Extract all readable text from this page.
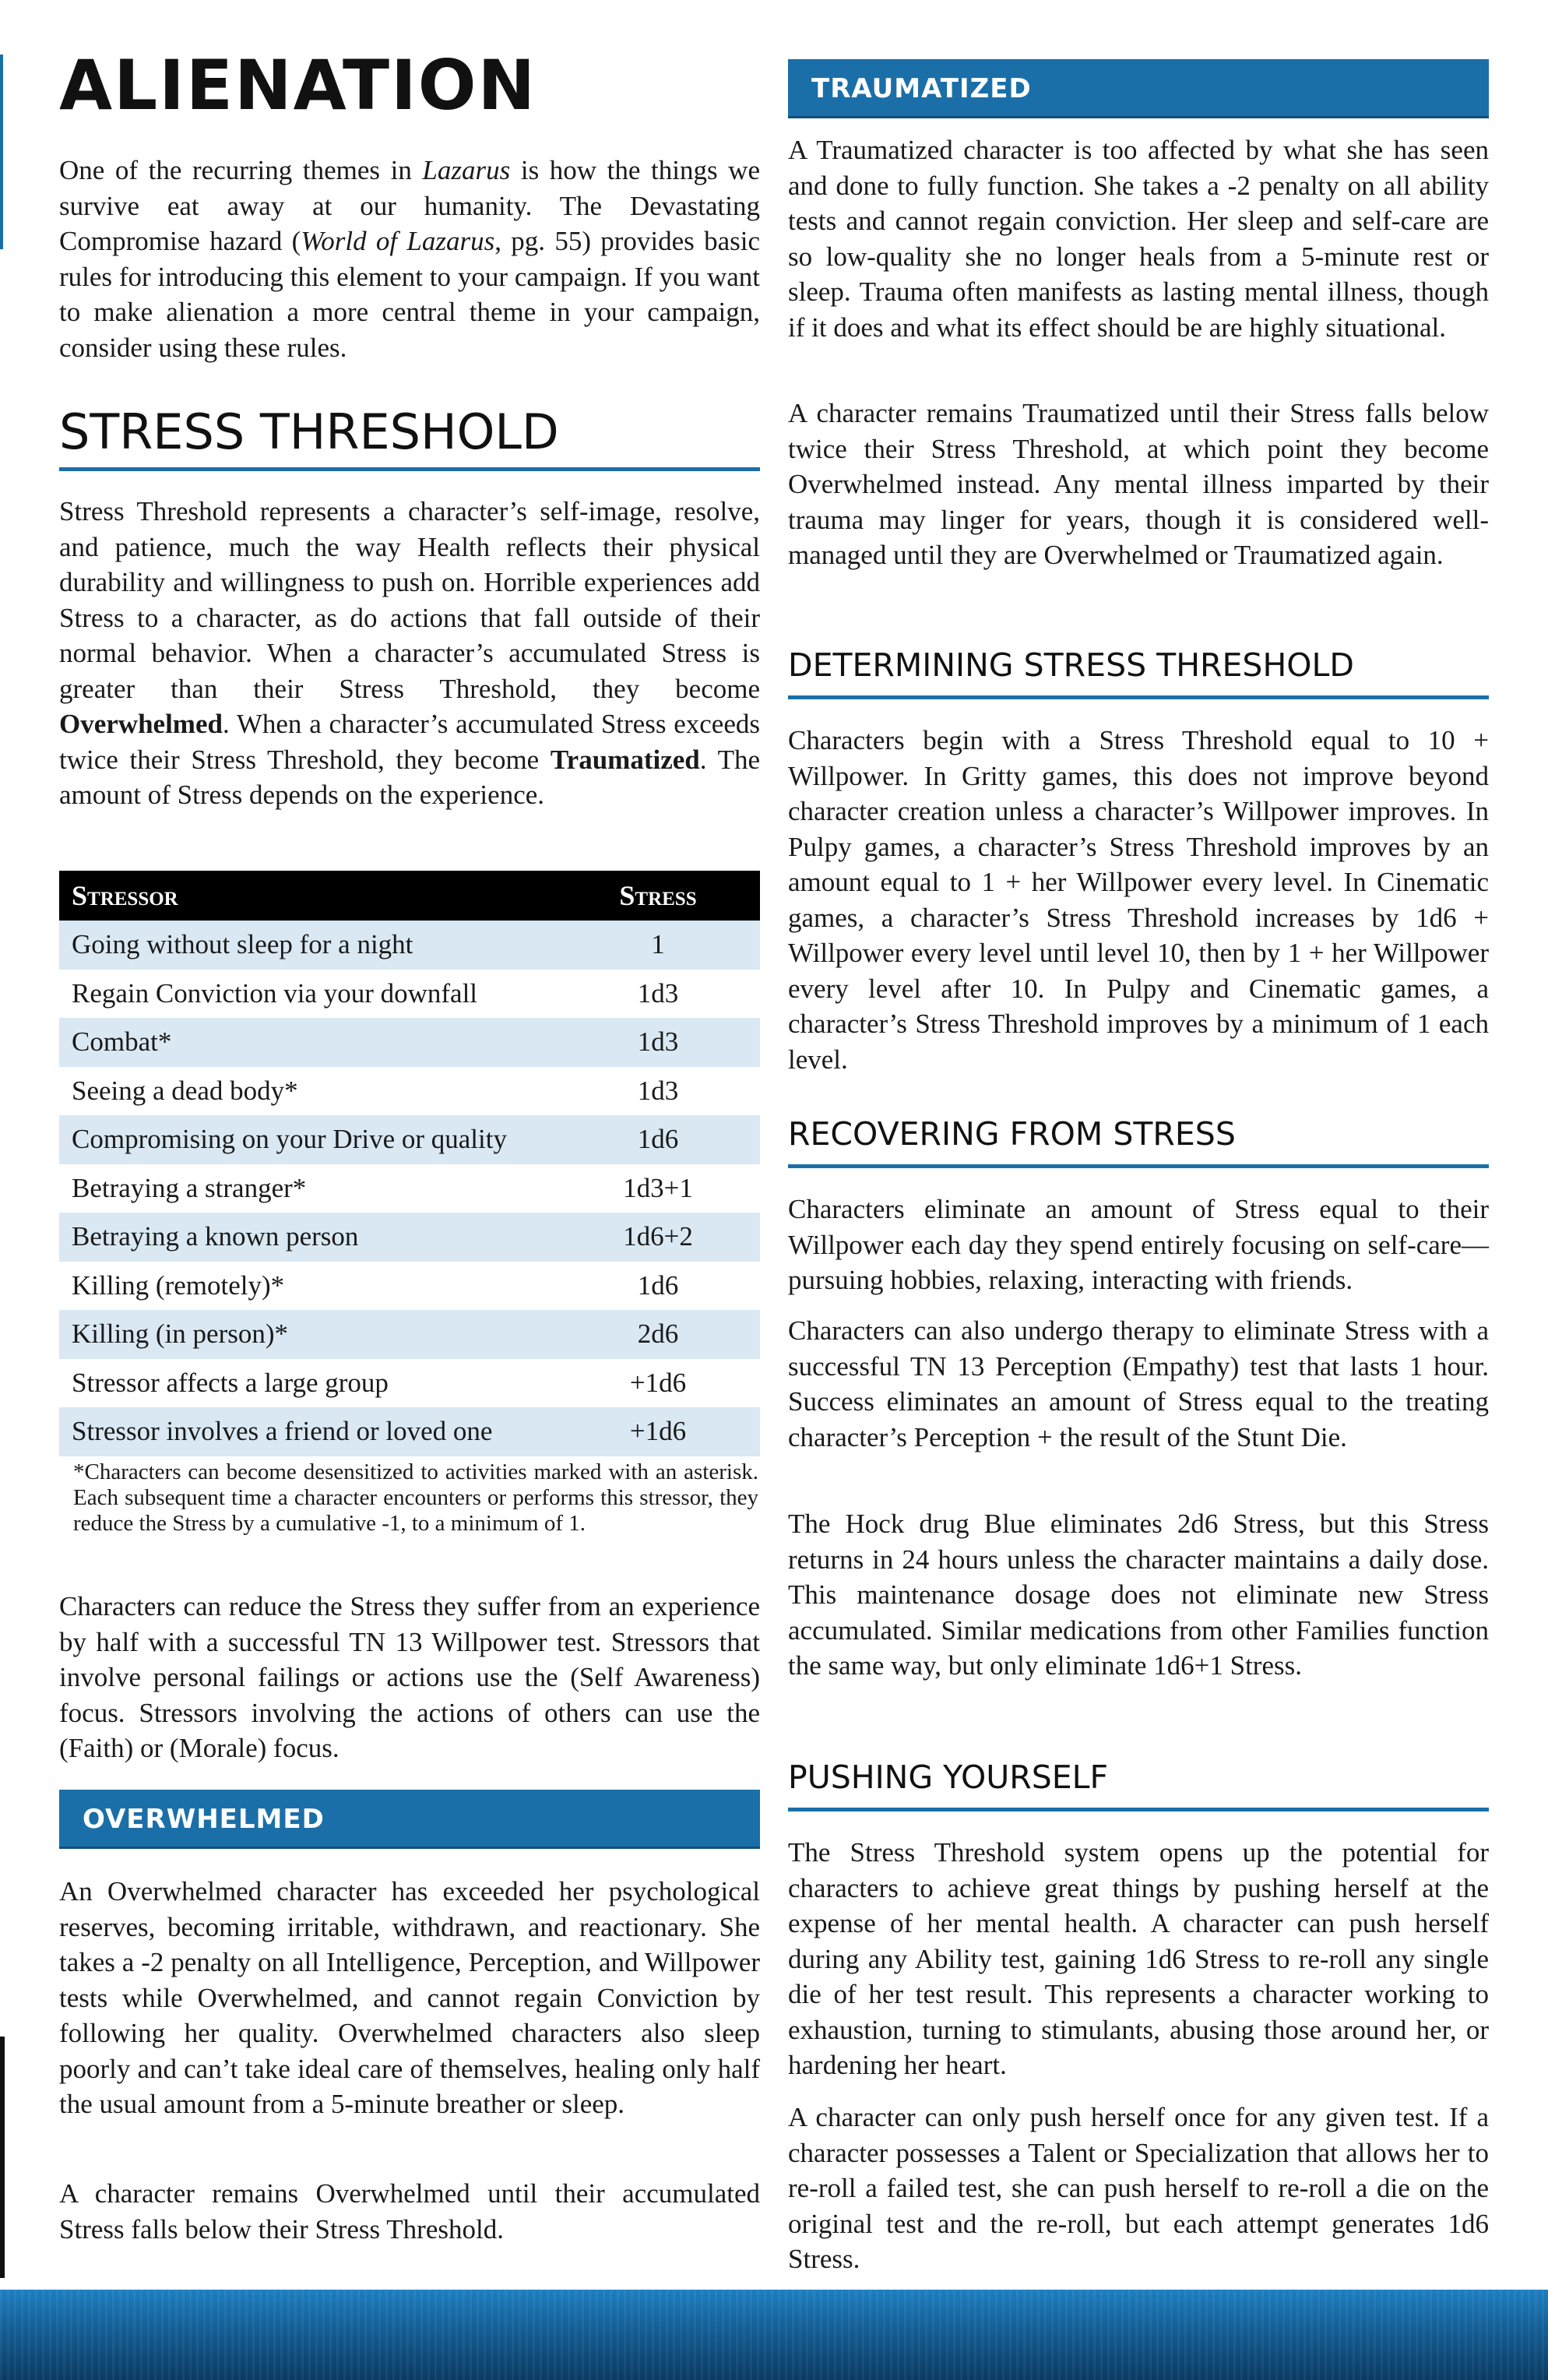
ALIENATION

One of the recurring themes in Lazarus is how the things we survive eat away at our humanity. The Devastating Compromise hazard (World of Lazarus, pg. 55) provides basic rules for introducing this element to your campaign. If you want to make alienation a more central theme in your campaign, consider using these rules.

STRESS THRESHOLD

Stress Threshold represents a character’s self-image, resolve, and patience, much the way Health reflects their physical durability and willingness to push on. Horrible experiences add Stress to a character, as do actions that fall outside of their normal behavior. When a character’s accumulated Stress is greater than their Stress Threshold, they become Overwhelmed. When a character’s accumulated Stress exceeds twice their Stress Threshold, they become Traumatized. The amount of Stress depends on the experience.

Stressor	Stress
Going without sleep for a night	1
Regain Conviction via your downfall	1d3
Combat*	1d3
Seeing a dead body*	1d3
Compromising on your Drive or quality	1d6
Betraying a stranger*	1d3+1
Betraying a known person	1d6+2
Killing (remotely)*	1d6
Killing (in person)*	2d6
Stressor affects a large group	+1d6
Stressor involves a friend or loved one	+1d6

*Characters can become desensitized to activities marked with an asterisk. Each subsequent time a character encounters or performs this stressor, they reduce the Stress by a cumulative -1, to a minimum of 1.

Characters can reduce the Stress they suffer from an experience by half with a successful TN 13 Willpower test. Stressors that involve personal failings or actions use the (Self Awareness) focus. Stressors involving the actions of others can use the (Faith) or (Morale) focus.

OVERWHELMED

An Overwhelmed character has exceeded her psychological reserves, becoming irritable, withdrawn, and reactionary. She takes a -2 penalty on all Intelligence, Perception, and Willpower tests while Overwhelmed, and cannot regain Conviction by following her quality. Overwhelmed characters also sleep poorly and can’t take ideal care of themselves, healing only half the usual amount from a 5-minute breather or sleep.

A character remains Overwhelmed until their accumulated Stress falls below their Stress Threshold.

TRAUMATIZED

A Traumatized character is too affected by what she has seen and done to fully function. She takes a -2 penalty on all ability tests and cannot regain conviction. Her sleep and self-care are so low-quality she no longer heals from a 5-minute rest or sleep. Trauma often manifests as lasting mental illness, though if it does and what its effect should be are highly situational.

A character remains Traumatized until their Stress falls below twice their Stress Threshold, at which point they become Overwhelmed instead. Any mental illness imparted by their trauma may linger for years, though it is considered well-managed until they are Overwhelmed or Traumatized again.

DETERMINING STRESS THRESHOLD

Characters begin with a Stress Threshold equal to 10 + Willpower. In Gritty games, this does not improve beyond character creation unless a character’s Willpower improves. In Pulpy games, a character’s Stress Threshold improves by an amount equal to 1 + her Willpower every level. In Cinematic games, a character’s Stress Threshold increases by 1d6 + Willpower every level until level 10, then by 1 + her Willpower every level after 10. In Pulpy and Cinematic games, a character’s Stress Threshold improves by a minimum of 1 each level.

RECOVERING FROM STRESS

Characters eliminate an amount of Stress equal to their Willpower each day they spend entirely focusing on self-care—pursuing hobbies, relaxing, interacting with friends.

Characters can also undergo therapy to eliminate Stress with a successful TN 13 Perception (Empathy) test that lasts 1 hour. Success eliminates an amount of Stress equal to the treating character’s Perception + the result of the Stunt Die.

The Hock drug Blue eliminates 2d6 Stress, but this Stress returns in 24 hours unless the character maintains a daily dose. This maintenance dosage does not eliminate new Stress accumulated. Similar medications from other Families function the same way, but only eliminate 1d6+1 Stress.

PUSHING YOURSELF

The Stress Threshold system opens up the potential for characters to achieve great things by pushing herself at the expense of her mental health. A character can push herself during any Ability test, gaining 1d6 Stress to re-roll any single die of her test result. This represents a character working to exhaustion, turning to stimulants, abusing those around her, or hardening her heart.

A character can only push herself once for any given test. If a character possesses a Talent or Specialization that allows her to re-roll a failed test, she can push herself to re-roll a die on the original test and the re-roll, but each attempt generates 1d6 Stress.
